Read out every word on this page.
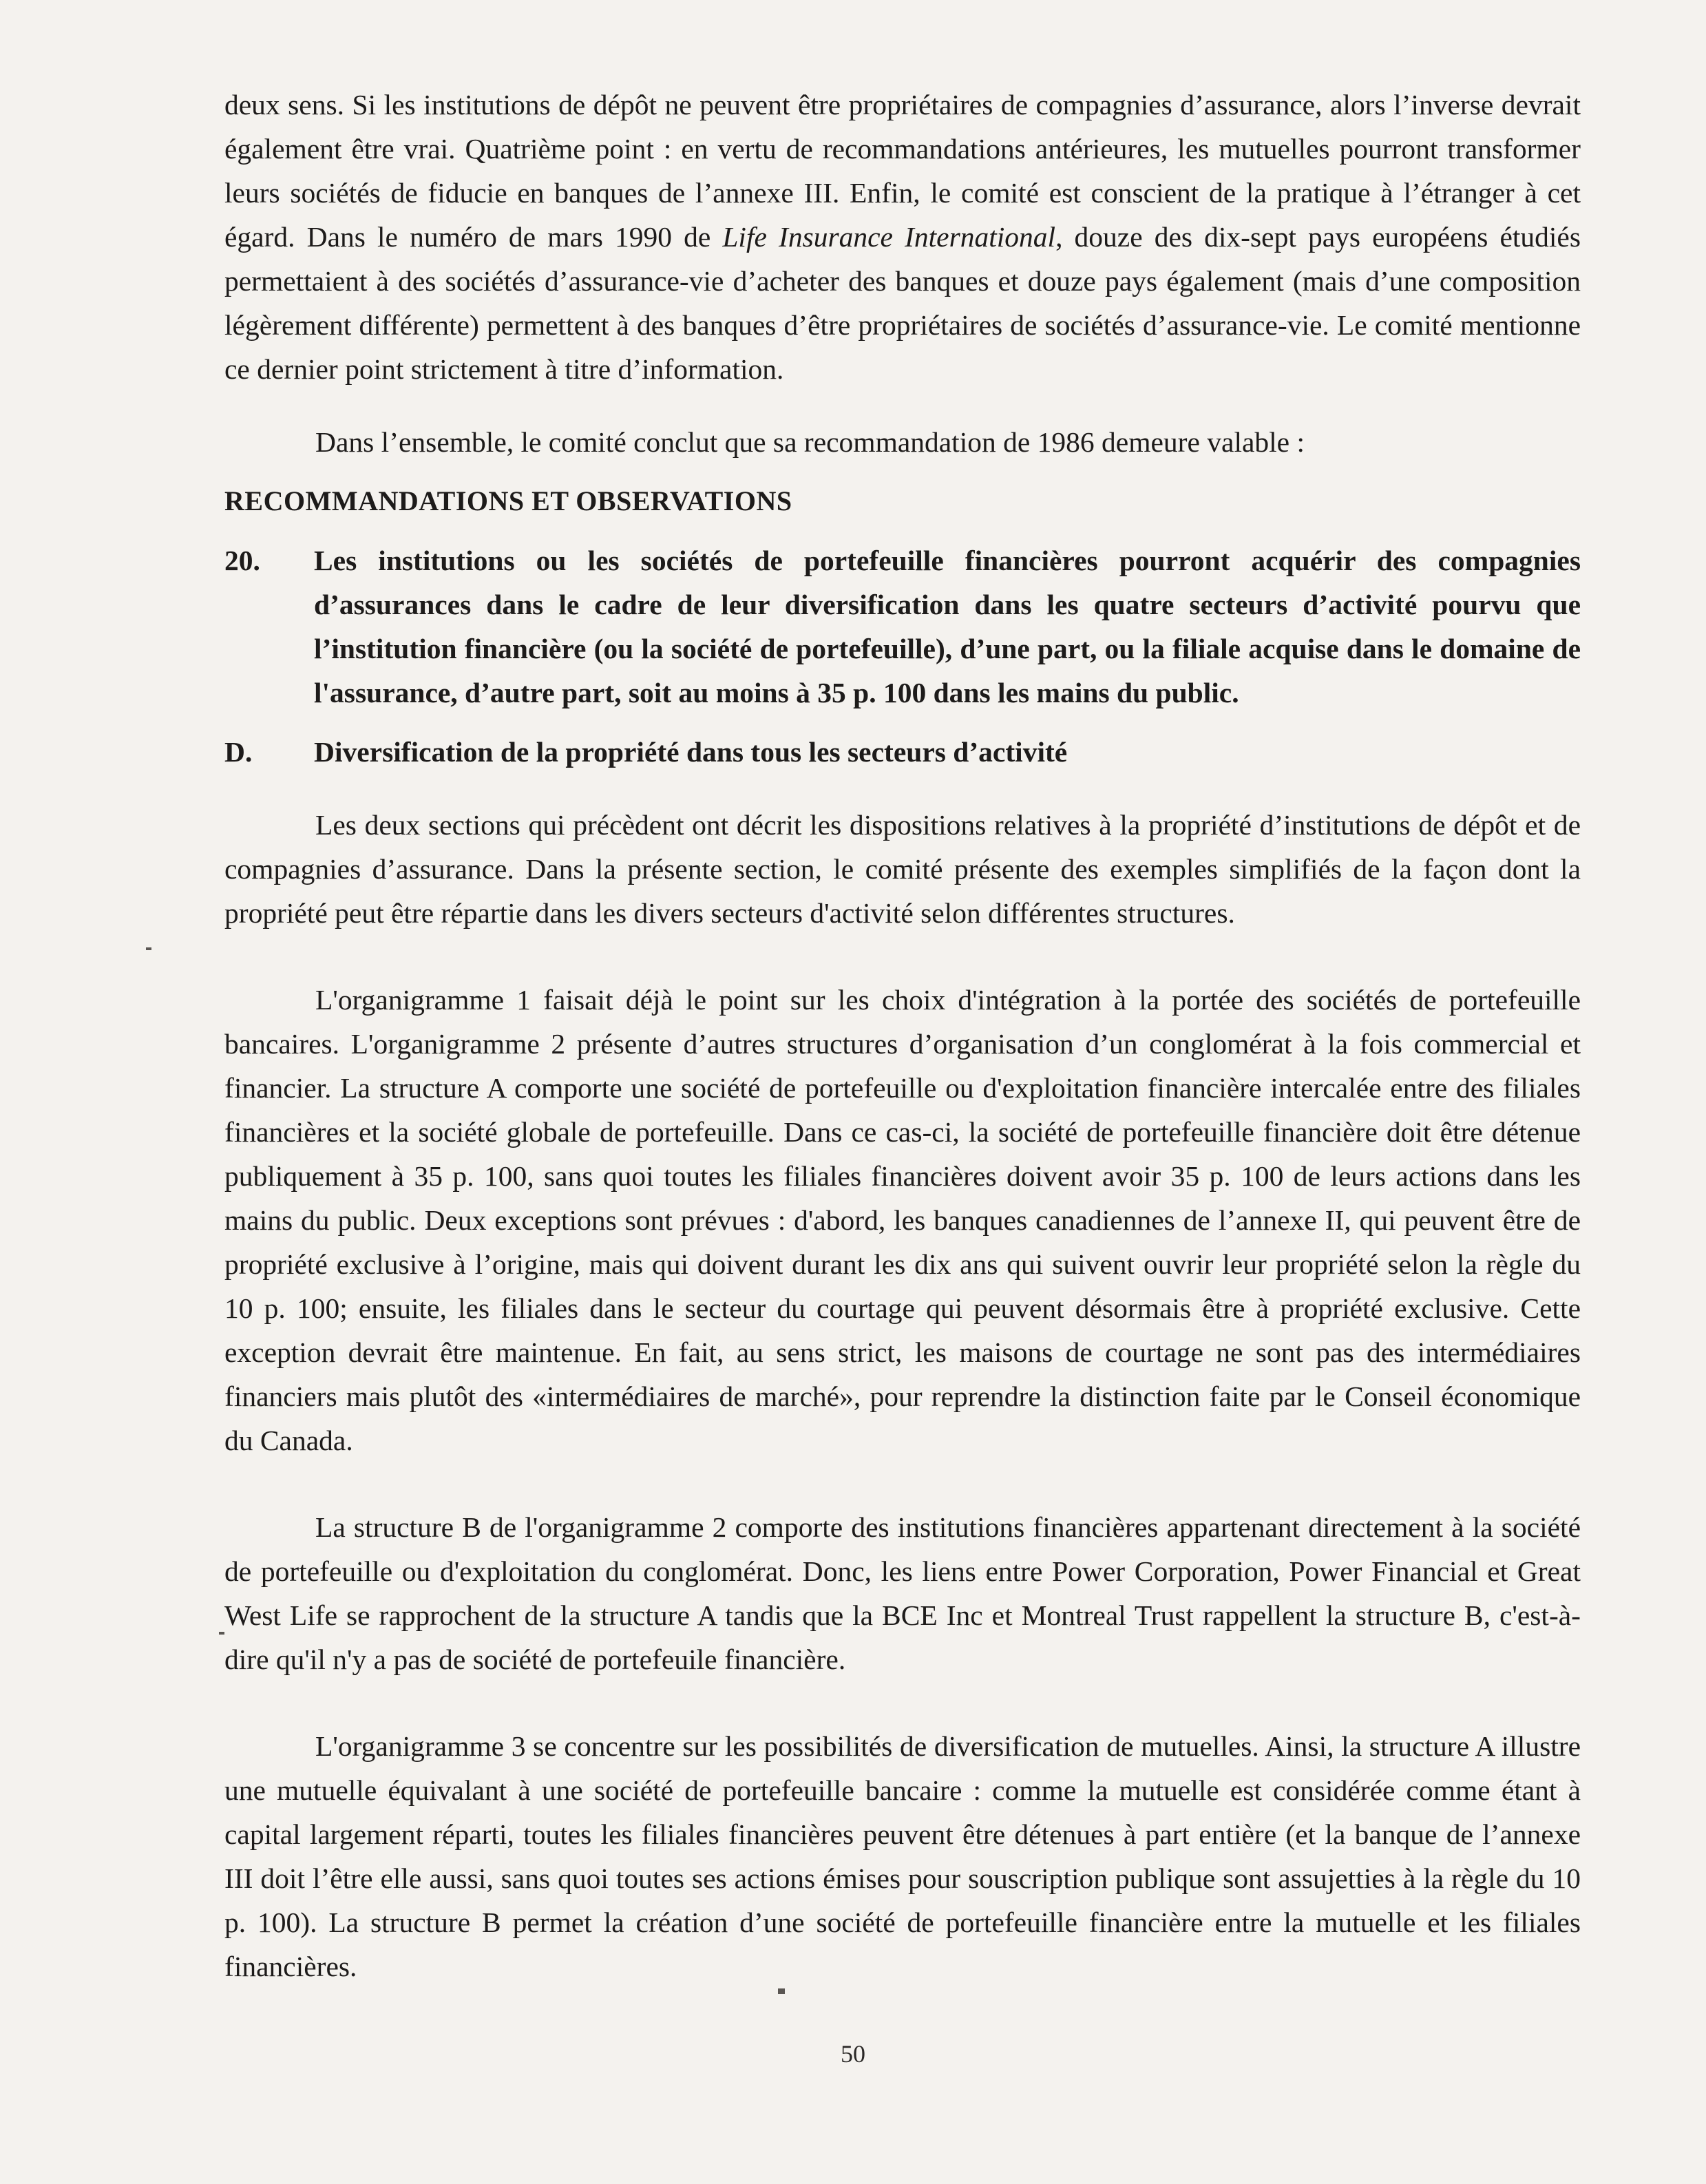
deux sens. Si les institutions de dépôt ne peuvent être propriétaires de compagnies d’assurance, alors l’inverse devrait également être vrai. Quatrième point : en vertu de recommandations antérieures, les mutuelles pourront transformer leurs sociétés de fiducie en banques de l’annexe III. Enfin, le comité est conscient de la pratique à l’étranger à cet égard. Dans le numéro de mars 1990 de Life Insurance International, douze des dix-sept pays européens étudiés permettaient à des sociétés d’assurance-vie d’acheter des banques et douze pays également (mais d’une composition légèrement différente) permettent à des banques d’être propriétaires de sociétés d’assurance-vie. Le comité mentionne ce dernier point strictement à titre d’information.

Dans l’ensemble, le comité conclut que sa recommandation de 1986 demeure valable :

RECOMMANDATIONS ET OBSERVATIONS
20.	Les institutions ou les sociétés de portefeuille financières pourront acquérir des compagnies d’assurances dans le cadre de leur diversification dans les quatre secteurs d’activité pourvu que l’institution financière (ou la société de portefeuille), d’une part, ou la filiale acquise dans le domaine de l'assurance, d’autre part, soit au moins à 35 p. 100 dans les mains du public.
D.	Diversification de la propriété dans tous les secteurs d’activité

Les deux sections qui précèdent ont décrit les dispositions relatives à la propriété d’institutions de dépôt et de compagnies d’assurance. Dans la présente section, le comité présente des exemples simplifiés de la façon dont la propriété peut être répartie dans les divers secteurs d'activité selon différentes structures.

L'organigramme 1 faisait déjà le point sur les choix d'intégration à la portée des sociétés de portefeuille bancaires. L'organigramme 2 présente d’autres structures d’organisation d’un conglomérat à la fois commercial et financier. La structure A comporte une société de portefeuille ou d'exploitation financière intercalée entre des filiales financières et la société globale de portefeuille. Dans ce cas-ci, la société de portefeuille financière doit être détenue publiquement à 35 p. 100, sans quoi toutes les filiales financières doivent avoir 35 p. 100 de leurs actions dans les mains du public. Deux exceptions sont prévues : d'abord, les banques canadiennes de l’annexe II, qui peuvent être de propriété exclusive à l’origine, mais qui doivent durant les dix ans qui suivent ouvrir leur propriété selon la règle du 10 p. 100; ensuite, les filiales dans le secteur du courtage qui peuvent désormais être à propriété exclusive. Cette exception devrait être maintenue. En fait, au sens strict, les maisons de courtage ne sont pas des intermédiaires financiers mais plutôt des «intermédiaires de marché», pour reprendre la distinction faite par le Conseil économique du Canada.

La structure B de l'organigramme 2 comporte des institutions financières appartenant directement à la société de portefeuille ou d'exploitation du conglomérat. Donc, les liens entre Power Corporation, Power Financial et Great West Life se rapprochent de la structure A tandis que la BCE Inc et Montreal Trust rappellent la structure B, c'est-à-dire qu'il n'y a pas de société de portefeuile financière.

L'organigramme 3 se concentre sur les possibilités de diversification de mutuelles. Ainsi, la structure A illustre une mutuelle équivalant à une société de portefeuille bancaire : comme la mutuelle est considérée comme étant à capital largement réparti, toutes les filiales financières peuvent être détenues à part entière (et la banque de l’annexe III doit l’être elle aussi, sans quoi toutes ses actions émises pour souscription publique sont assujetties à la règle du 10 p. 100). La structure B permet la création d’une société de portefeuille financière entre la mutuelle et les filiales financières.

50
